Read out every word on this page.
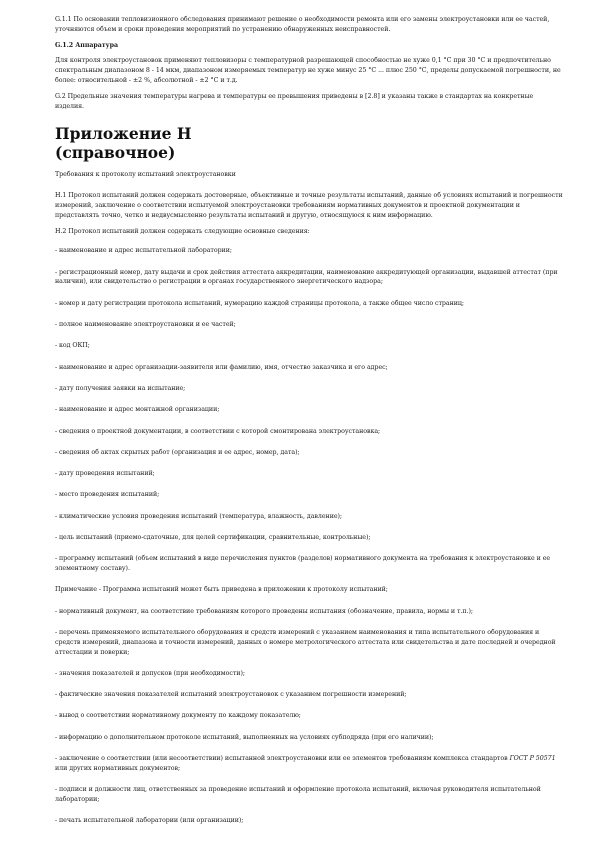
G.1.1 По основании тепловизионного обследования принимают решение о необходимости ремонта или его замены электроустановки или ее частей, уточняются объем и сроки проведения мероприятий по устранению обнаруженных неисправностей.

G.1.2 Аппаратура

Для контроля электроустановок применяют тепловизоры с температурной разрешающей способностью не хуже 0,1 °С при 30 °С и предпочтительно спектральным диапазоном 8 - 14 мкм, диапазоном измеряемых температур не хуже минус 25 °С ... плюс 250 °С, пределы допускаемой погрешности, не более: относительной - ±2 %, абсолютной - ±2 °С и т.д.

G.2 Предельные значения температуры нагрева и температуры ее превышения приведены в [2.8] и указаны также в стандартах на конкретные изделия.

Приложение Н
(справочное)

Требования к протоколу испытаний электроустановки

Н.1 Протокол испытаний должен содержать достоверные, объективные и точные результаты испытаний, данные об условиях испытаний и погрешности измерений, заключение о соответствии испытуемой электроустановки требованиям нормативных документов и проектной документации и представлять точно, четко и недвусмысленно результаты испытаний и другую, относящуюся к ним информацию.

Н.2 Протокол испытаний должен содержать следующие основные сведения:

- наименование и адрес испытательной лаборатории;

- регистрационный номер, дату выдачи и срок действия аттестата аккредитации, наименование аккредитующей организации, выдавшей аттестат (при наличии), или свидетельство о регистрации в органах государственного энергетического надзора;

- номер и дату регистрации протокола испытаний, нумерацию каждой страницы протокола, а также общее число страниц;

- полное наименование электроустановки и ее частей;

- код ОКП;

- наименование и адрес организации-заявителя или фамилию, имя, отчество заказчика и его адрес;

- дату получения заявки на испытание;

- наименование и адрес монтажной организации;

- сведения о проектной документации, в соответствии с которой смонтирована электроустановка;

- сведения об актах скрытых работ (организация и ее адрес, номер, дата);

- дату проведения испытаний;

- место проведения испытаний;

- климатические условия проведения испытаний (температура, влажность, давление);

- цель испытаний (приемо-сдаточные, для целей сертификации, сравнительные, контрольные);

- программу испытаний (объем испытаний в виде перечисления пунктов (разделов) нормативного документа на требования к электроустановке и ее элементному составу).

Примечание - Программа испытаний может быть приведена в приложении к протоколу испытаний;

- нормативный документ, на соответствие требованиям которого проведены испытания (обозначение, правила, нормы и т.п.);

- перечень применяемого испытательного оборудования и средств измерений с указанием наименования и типа испытательного оборудования и средств измерений, диапазона и точности измерений, данных о номере метрологического аттестата или свидетельства и дате последней и очередной аттестации и поверки;

- значения показателей и допусков (при необходимости);

- фактические значения показателей испытаний электроустановок с указанием погрешности измерений;

- вывод о соответствии нормативному документу по каждому показателю;

- информацию о дополнительном протоколе испытаний, выполненных на условиях субподряда (при его наличии);

- заключение о соответствии (или несоответствии) испытанной электроустановки или ее элементов требованиям комплекса стандартов ГОСТ Р 50571 или других нормативных документов;

- подписи и должности лиц, ответственных за проведение испытаний и оформление протокола испытаний, включая руководителя испытательной лаборатории;

- печать испытательной лаборатории (или организации);
